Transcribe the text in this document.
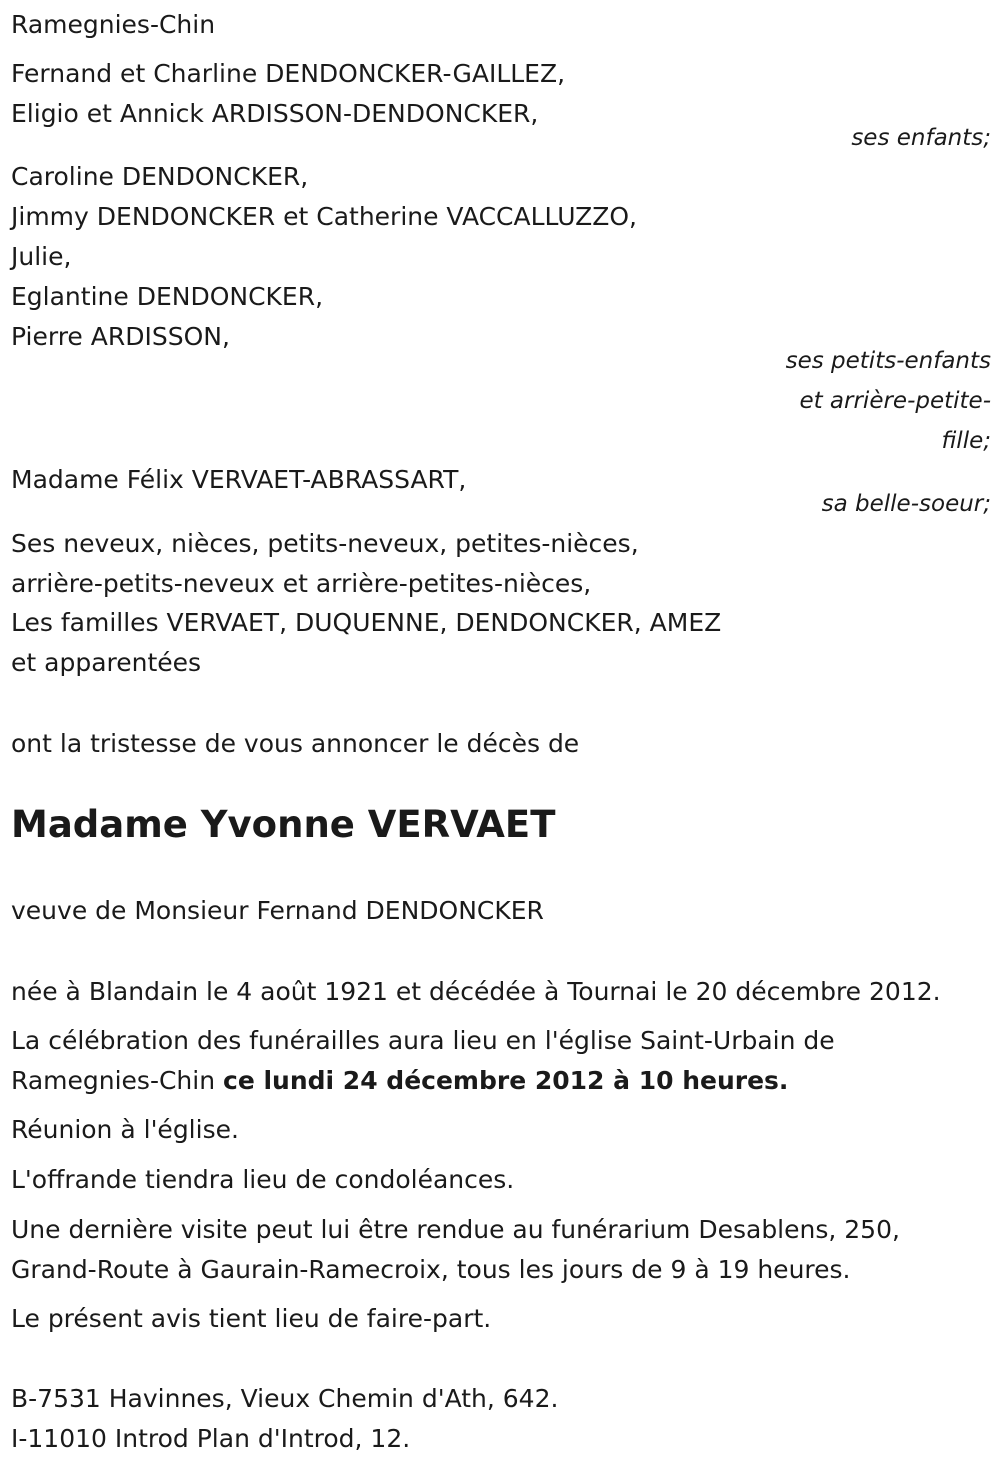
Ramegnies-Chin
Fernand et Charline DENDONCKER-GAILLEZ,
Eligio et Annick ARDISSON-DENDONCKER,
ses enfants;
Caroline DENDONCKER,
Jimmy DENDONCKER et Catherine VACCALLUZZO,
Julie,
Eglantine DENDONCKER,
Pierre ARDISSON,
ses petits-enfants
et arrière-petite-
fille;
Madame Félix VERVAET-ABRASSART,
sa belle-soeur;
Ses neveux, nièces, petits-neveux, petites-nièces,
arrière-petits-neveux et arrière-petites-nièces,
Les familles VERVAET, DUQUENNE, DENDONCKER, AMEZ
et apparentées
ont la tristesse de vous annoncer le décès de
Madame Yvonne VERVAET
veuve de Monsieur Fernand DENDONCKER
née à Blandain le 4 août 1921 et décédée à Tournai le 20 décembre 2012.
La célébration des funérailles aura lieu en l'église Saint-Urbain de
Ramegnies-Chin ce lundi 24 décembre 2012 à 10 heures.
Réunion à l'église.
L'offrande tiendra lieu de condoléances.
Une dernière visite peut lui être rendue au funérarium Desablens, 250,
Grand-Route à Gaurain-Ramecroix, tous les jours de 9 à 19 heures.
Le présent avis tient lieu de faire-part.
B-7531 Havinnes, Vieux Chemin d'Ath, 642.
I-11010 Introd Plan d'Introd, 12.
